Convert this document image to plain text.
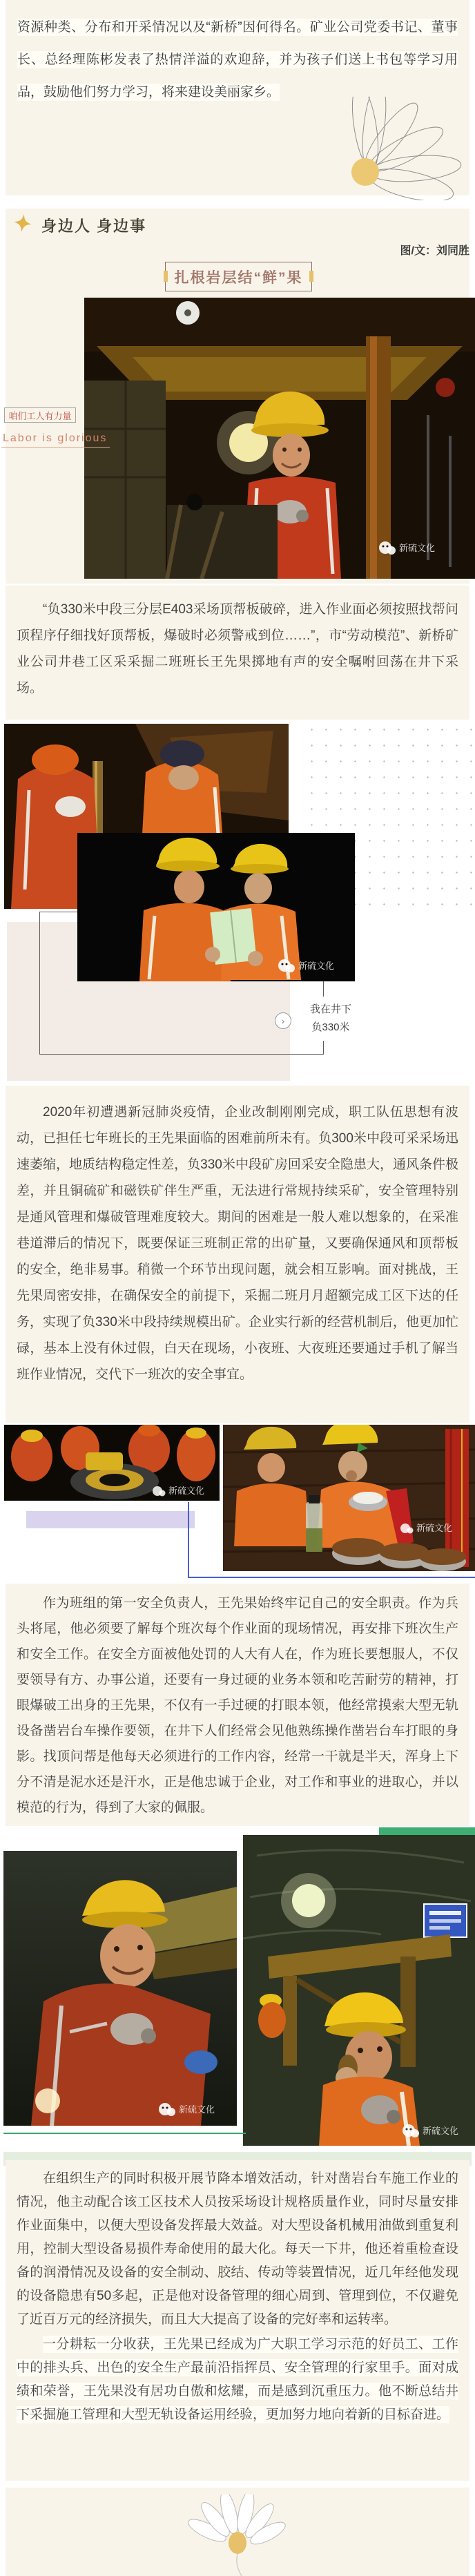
资源种类、分布和开采情况以及“新桥”因何得名。矿业公司党委书记、董事长、总经理陈彬发表了热情洋溢的欢迎辞，并为孩子们送上书包等学习用品，鼓励他们努力学习，将来建设美丽家乡。
身边人 身边事
图/文：刘同胜
扎根岩层结“鲜”果
新硫文化
咱们工人有力量
Labor is glorious

“负330米中段三分层E403采场顶帮板破碎，进入作业面必须按照找帮问顶程序仔细找好顶帮板，爆破时必须警戒到位……”，市“劳动模范”、新桥矿业公司井巷工区采采掘二班班长王先果掷地有声的安全嘱咐回荡在井下采场。

新硫文化
我在井下
负330米
›

2020年初遭遇新冠肺炎疫情，企业改制刚刚完成，职工队伍思想有波动，已担任七年班长的王先果面临的困难前所未有。负300米中段可采采场迅速萎缩，地质结构稳定性差，负330米中段矿房回采安全隐患大，通风条件极差，并且铜硫矿和磁铁矿伴生严重，无法进行常规持续采矿，安全管理特别是通风管理和爆破管理难度较大。期间的困难是一般人难以想象的，在采准巷道滞后的情况下，既要保证三班制正常的出矿量，又要确保通风和顶帮板的安全，绝非易事。稍微一个环节出现问题，就会相互影响。面对挑战，王先果周密安排，在确保安全的前提下，采掘二班月月超额完成工区下达的任务，实现了负330米中段持续规模出矿。企业实行新的经营机制后，他更加忙碌，基本上没有休过假，白天在现场，小夜班、大夜班还要通过手机了解当班作业情况，交代下一班次的安全事宜。

新硫文化
新硫文化

作为班组的第一安全负责人，王先果始终牢记自己的安全职责。作为兵头将尾，他必须要了解每个班次每个作业面的现场情况，再安排下班次生产和安全工作。在安全方面被他处罚的人大有人在，作为班长要想服人，不仅要领导有方、办事公道，还要有一身过硬的业务本领和吃苦耐劳的精神，打眼爆破工出身的王先果，不仅有一手过硬的打眼本领，他经常摸索大型无轨设备凿岩台车操作要领，在井下人们经常会见他熟练操作凿岩台车打眼的身影。找顶问帮是他每天必须进行的工作内容，经常一干就是半天，浑身上下分不清是泥水还是汗水，正是他忠诚于企业，对工作和事业的进取心，并以模范的行为，得到了大家的佩服。

新硫文化
新硫文化

在组织生产的同时积极开展节降本增效活动，针对凿岩台车施工作业的情况，他主动配合该工区技术人员按采场设计规格质量作业，同时尽量安排作业面集中，以便大型设备发挥最大效益。对大型设备机械用油做到重复利用，控制大型设备易损件寿命使用的最大化。每天一下井，他还着重检查设备的润滑情况及设备的安全制动、胶结、传动等装置情况，近几年经他发现的设备隐患有50多起，正是他对设备管理的细心周到、管理到位，不仅避免了近百万元的经济损失，而且大大提高了设备的完好率和运转率。

一分耕耘一分收获，王先果已经成为广大职工学习示范的好员工、工作中的排头兵、出色的安全生产最前沿指挥员、安全管理的行家里手。面对成绩和荣誉，王先果没有居功自傲和炫耀，而是感到沉重压力。他不断总结井下采掘施工管理和大型无轨设备运用经验，更加努力地向着新的目标奋进。
